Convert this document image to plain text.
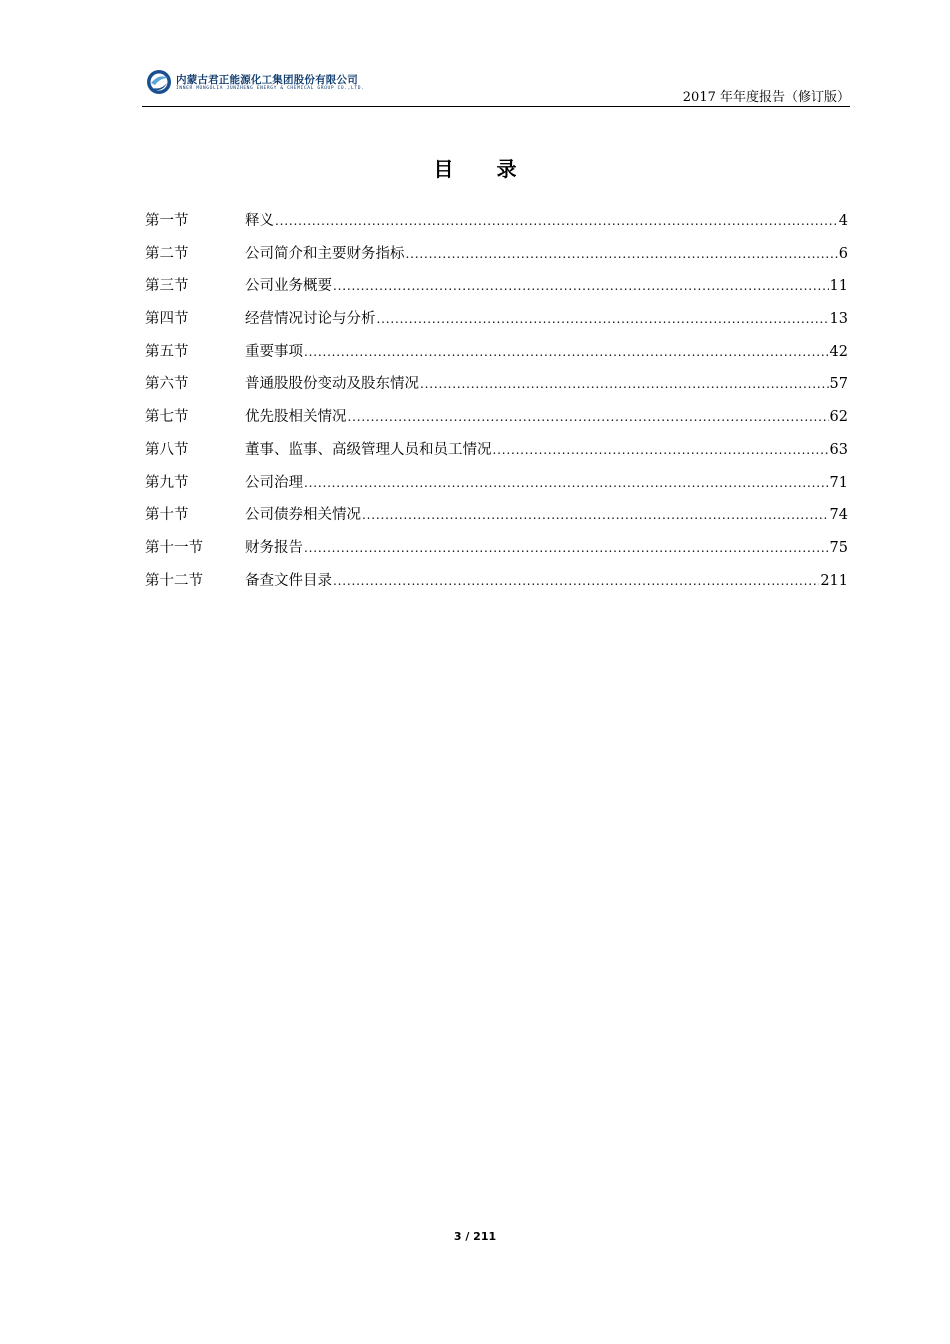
内蒙古君正能源化工集团股份有限公司
INNER MONGOLIA JUNZHENG ENERGY & CHEMICAL GROUP CO.,LTD.
2017 年年度报告（修订版）
目 录
第一节	释义 .....	4
第二节	公司简介和主要财务指标 .....	6
第三节	公司业务概要 .....	11
第四节	经营情况讨论与分析 .....	13
第五节	重要事项 .....	42
第六节	普通股股份变动及股东情况 .....	57
第七节	优先股相关情况 .....	62
第八节	董事、监事、高级管理人员和员工情况 .....	63
第九节	公司治理 .....	71
第十节	公司债券相关情况 .....	74
第十一节	财务报告 .....	75
第十二节	备查文件目录 .....	211
3 / 211
